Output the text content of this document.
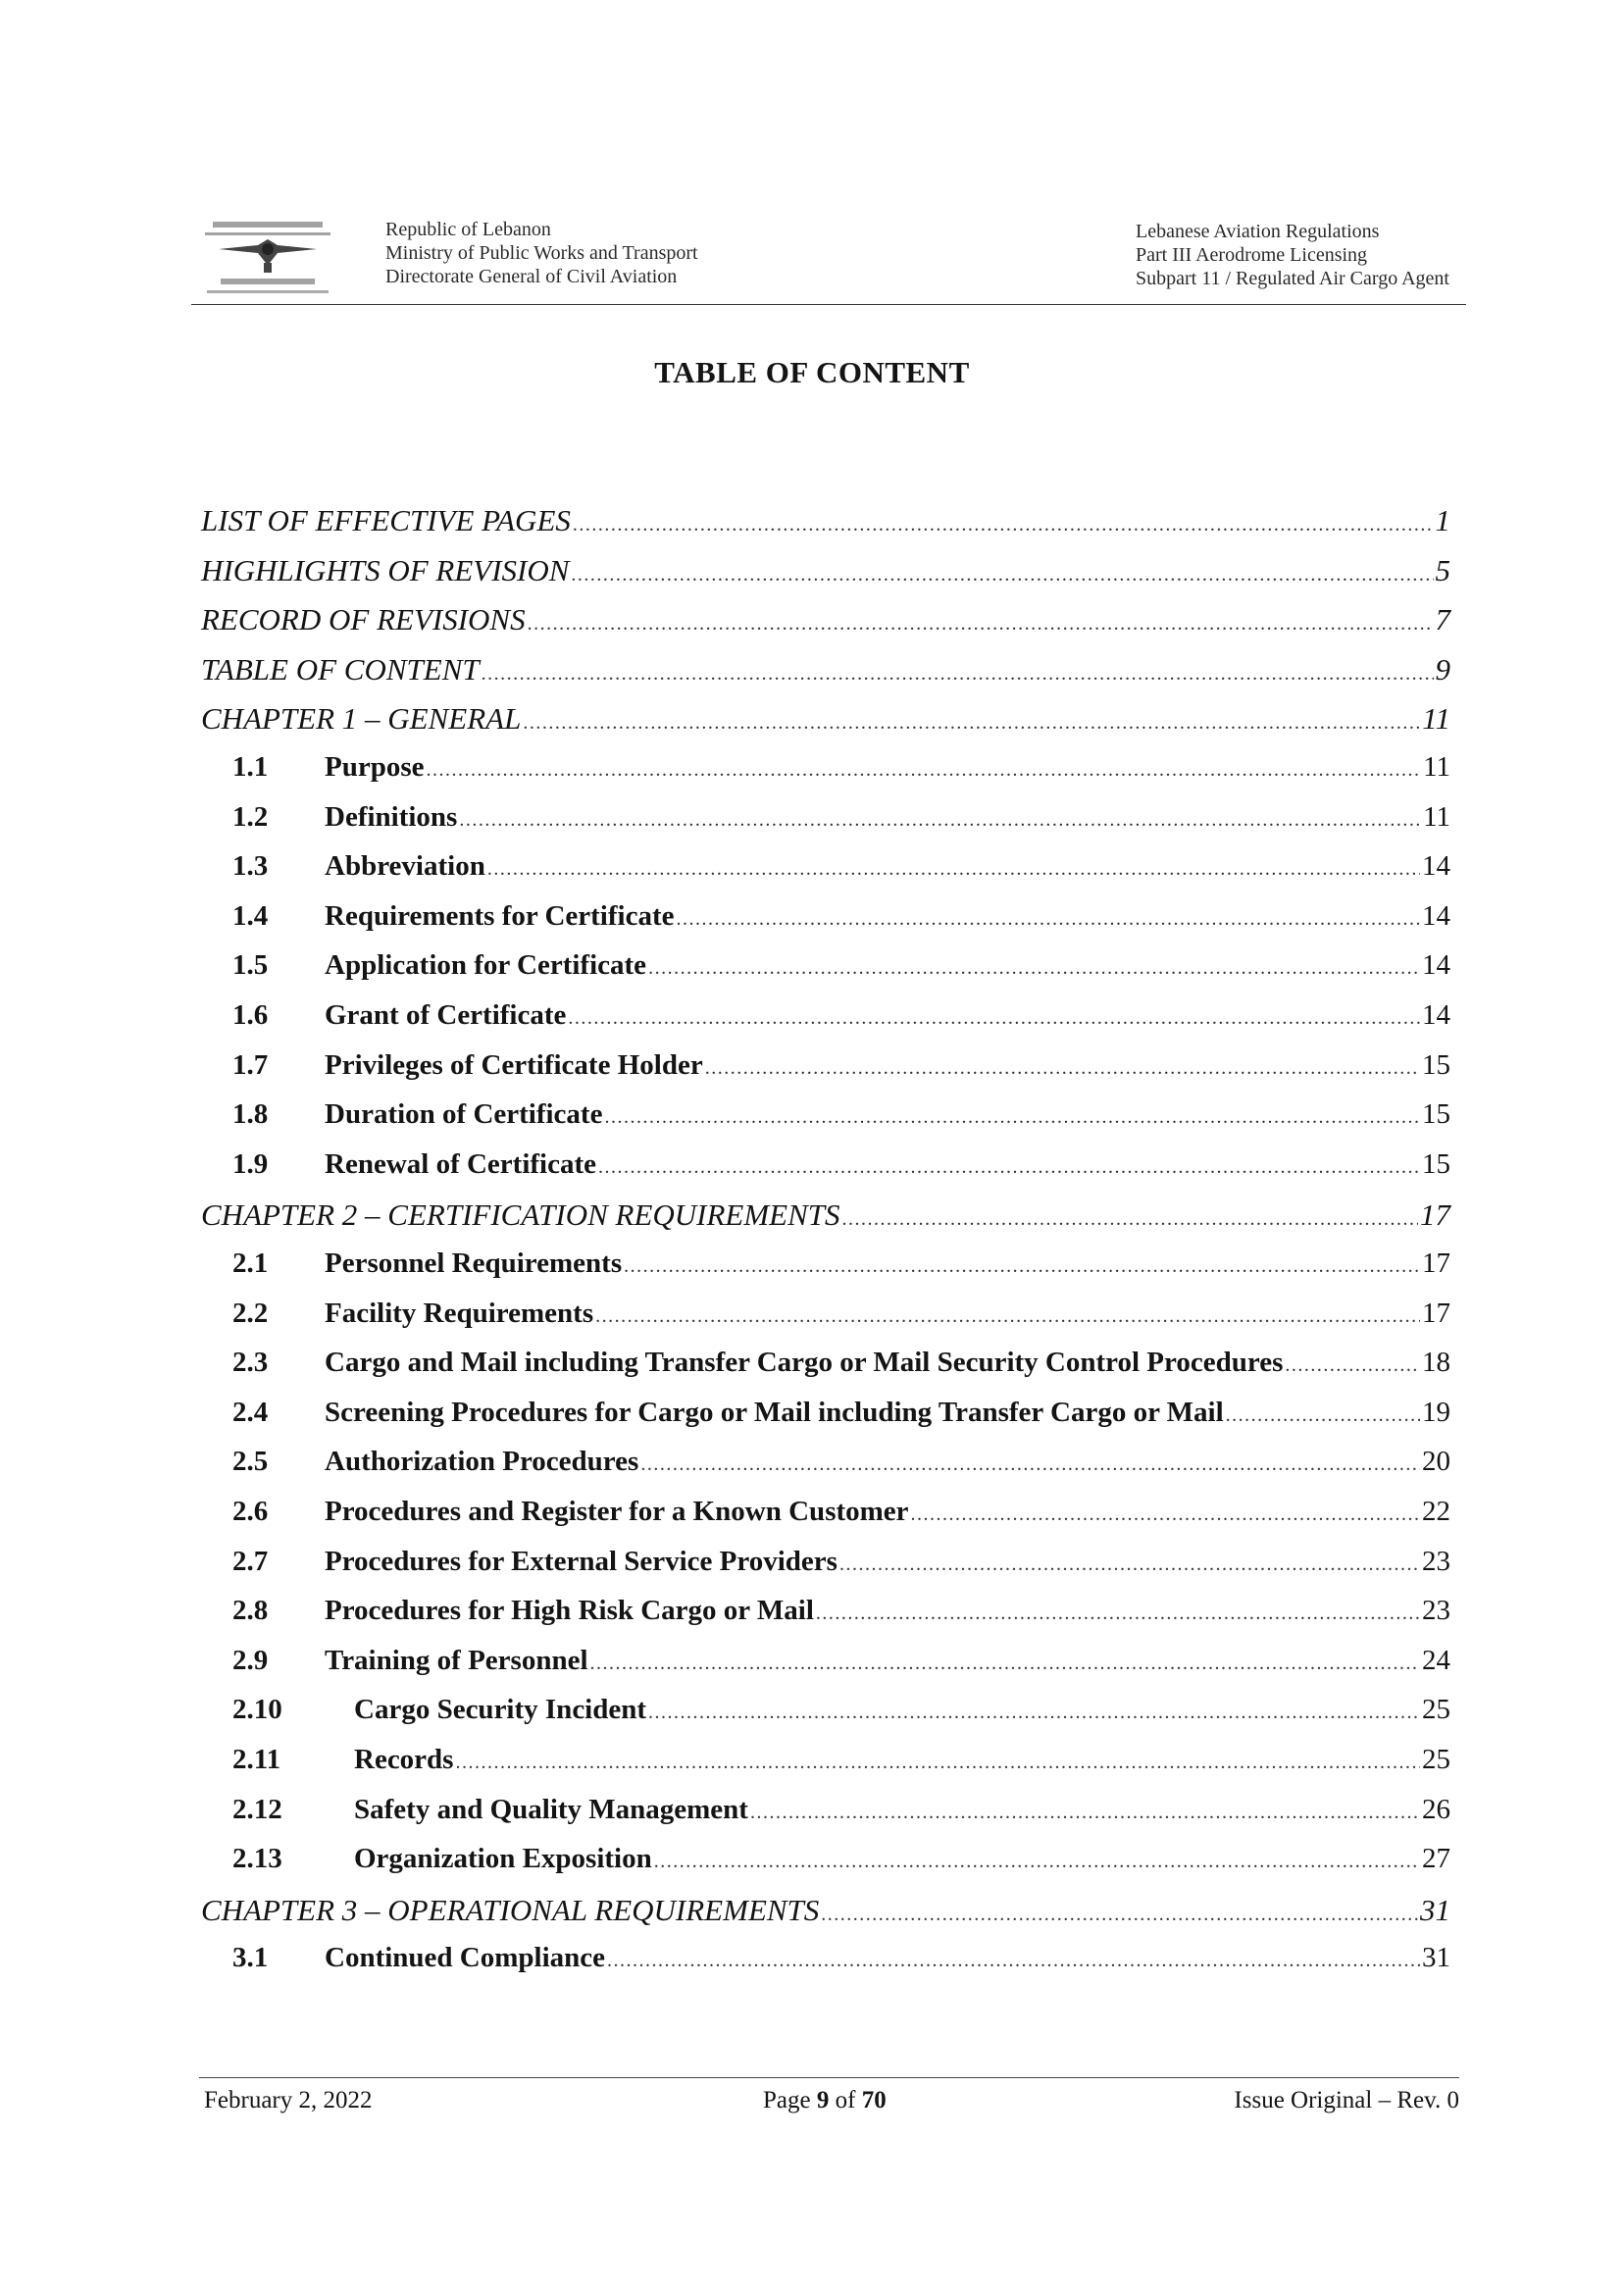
Republic of Lebanon
Ministry of Public Works and Transport
Directorate General of Civil Aviation
Lebanese Aviation Regulations
Part III Aerodrome Licensing
Subpart 11 / Regulated Air Cargo Agent
TABLE OF CONTENT
LIST OF EFFECTIVE PAGES .....	1
HIGHLIGHTS OF REVISION .....	5
RECORD OF REVISIONS .....	7
TABLE OF CONTENT .....	9
CHAPTER 1 – GENERAL .....	11
1.1	Purpose .....	11
1.2	Definitions .....	11
1.3	Abbreviation .....	14
1.4	Requirements for Certificate .....	14
1.5	Application for Certificate .....	14
1.6	Grant of Certificate .....	14
1.7	Privileges of Certificate Holder .....	15
1.8	Duration of Certificate .....	15
1.9	Renewal of Certificate .....	15
CHAPTER 2 – CERTIFICATION REQUIREMENTS .....	17
2.1	Personnel Requirements .....	17
2.2	Facility Requirements .....	17
2.3	Cargo and Mail including Transfer Cargo or Mail Security Control Procedures .....	18
2.4	Screening Procedures for Cargo or Mail including Transfer Cargo or Mail .....	19
2.5	Authorization Procedures .....	20
2.6	Procedures and Register for a Known Customer .....	22
2.7	Procedures for External Service Providers .....	23
2.8	Procedures for High Risk Cargo or Mail .....	23
2.9	Training of Personnel .....	24
2.10	Cargo Security Incident .....	25
2.11	Records .....	25
2.12	Safety and Quality Management .....	26
2.13	Organization Exposition .....	27
CHAPTER 3 – OPERATIONAL REQUIREMENTS .....	31
3.1	Continued Compliance .....	31
February 2, 2022	Page 9 of 70	Issue Original – Rev. 0
